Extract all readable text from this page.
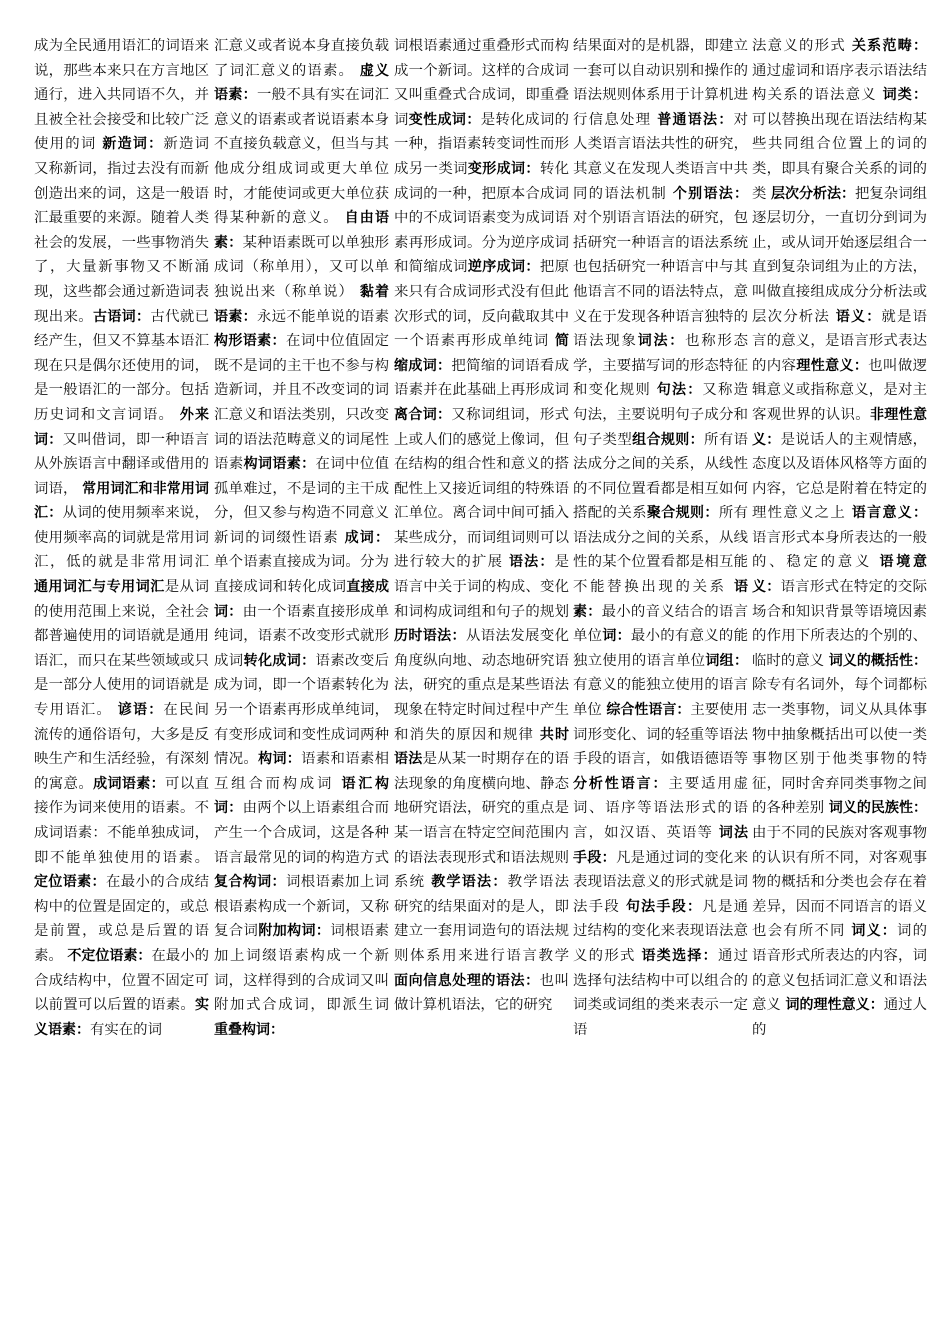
成为全民通用语汇的词语来说，那些本来只在方言地区通行，进入共同语不久，并且被全社会接受和比较广泛使用的词 新造词：新造词又称新词，指过去没有而新创造出来的词，这是一般语汇最重要的来源。随着人类社会的发展，一些事物消失了，大量新事物又不断涌现，这些都会通过新造词表现出来。古语词：古代就已经产生，但又不算基本语汇现在只是偶尔还使用的词，是一般语汇的一部分。包括历史词和文言词语。 外来词：又叫借词，即一种语言从外族语言中翻译或借用的词语， 常用词汇和非常用词汇：从词的使用频率来说，使用频率高的词就是常用词汇，低的就是非常用词汇 通用词汇与专用词汇是从词的使用范围上来说，全社会都普遍使用的词语就是通用语汇，而只在某些领域或只是一部分人使用的词语就是专用语汇。 谚语：在民间流传的通俗语句，大多是反映生产和生活经验，有深刻的寓意。成词语素：可以直接作为词来使用的语素。不成词语素：不能单独成词，即不能单独使用的语素。 定位语素：在最小的合成结构中的位置是固定的，或总是前置，或总是后置的语素。 不定位语素：在最小的合成结构中，位置不固定可以前置可以后置的语素。实义语素：有实在的词
汇意义或者说本身直接负载了词汇意义的语素。 虚义语素：一般不具有实在词汇意义的语素或者说语素本身不直接负载意义，但当与其他成分组成词或更大单位时，才能使词或更大单位获得某种新的意义。 自由语素：某种语素既可以单独形成词（称单用），又可以单独说出来（称单说） 黏着语素：永远不能单说的语素 构形语素：在词中位值固定既不是词的主干也不参与构造新词，并且不改变词的词汇意义和语法类别，只改变词的语法范畴意义的词尾性语素构词语素：在词中位值孤单难过，不是词的主干成分，但又参与构造不同意义新词的词缀性语素 成词：单个语素直接成为词。分为直接成词和转化成词直接成词：由一个语素直接形成单纯词，语素不改变形式就形成词转化成词：语素改变后成为词，即一个语素转化为另一个语素再形成单纯词，有变形成词和变性成词两种情况。构词：语素和语素相互组合而构成词 语汇构词：由两个以上语素组合而产生一个合成词，这是各种语言最常见的词的构造方式复合构词：词根语素加上词根语素构成一个新词，又称复合词附加构词：词根语素加上词缀语素构成一个新词，这样得到的合成词又叫附加式合成词，即派生词 重叠构词：
词根语素通过重叠形式而构成一个新词。这样的合成词又叫重叠式合成词，即重叠词变性成词：是转化成词的一种，指语素转变词性而形成另一类词变形成词：转化成词的一种，把原本合成词中的不成词语素变为成词语素再形成词。分为逆序成词和简缩成词逆序成词：把原来只有合成词形式没有但此次形式的词，反向截取其中一个语素再形成单纯词 简缩成词：把简缩的词语看成语素并在此基础上再形成词 离合词：又称词组词，形式上或人们的感觉上像词，但在结构的组合性和意义的搭配性上又接近词组的特殊语汇单位。离合词中间可插入某些成分，而词组词则可以进行较大的扩展 语法：是语言中关于词的构成、变化和词构成词组和句子的规划 历时语法：从语法发展变化角度纵向地、动态地研究语法，研究的重点是某些语法现象在特定时间过程中产生和消失的原因和规律 共时语法是从某一时期存在的语法现象的角度横向地、静态地研究语法，研究的重点是某一语言在特定空间范围内的语法表现形式和语法规则系统 教学语法：教学语法研究的结果面对的是人，即建立一套用词造句的语法规则体系用来进行语言教学 面向信息处理的语法：也叫做计算机语法，它的研究
结果面对的是机器，即建立一套可以自动识别和操作的语法规则体系用于计算机进行信息处理 普通语法：对人类语言语法共性的研究，其意义在发现人类语言中共同的语法机制 个别语法：对个别语言语法的研究，包括研究一种语言的语法系统也包括研究一种语言中与其他语言不同的语法特点，意义在于发现各种语言独特的语法现象词法：也称形态学，主要描写词的形态特征和变化规则 句法：又称造句法，主要说明句子成分和句子类型组合规则：所有语法成分之间的关系，从线性的不同位置看都是相互如何搭配的关系聚合规则：所有语法成分之间的关系，从线性的某个位置看都是相互能不能替换出现的关系 语素：最小的音义结合的语言单位词：最小的有意义的能独立使用的语言单位词组：有意义的能独立使用的语言单位 综合性语言：主要使用词形变化、词的轻重等语法手段的语言，如俄语德语等 分析性语言：主要适用虚词、语序等语法形式的语言，如汉语、英语等 词法手段：凡是通过词的变化来表现语法意义的形式就是词法手段 句法手段：凡是通过结构的变化来表现语法意义的形式 语类选择：通过选择句法结构中可以组合的词类或词组的类来表示一定语
法意义的形式 关系范畴：通过虚词和语序表示语法结构关系的语法意义 词类：可以替换出现在语法结构某些共同组合位置上的词的类，即具有聚合关系的词的类 层次分析法：把复杂词组逐层切分，一直切分到词为止，或从词开始逐层组合一直到复杂词组为止的方法，叫做直接组成成分分析法或层次分析法 语义：就是语言的意义，是语言形式表达的内容理性意义：也叫做逻辑意义或指称意义，是对主客观世界的认识。非理性意义：是说话人的主观情感，态度以及语体风格等方面的内容，它总是附着在特定的理性意义之上 语言意义：语言形式本身所表达的一般的、稳定的意义 语境意义：语言形式在特定的交际场合和知识背景等语境因素的作用下所表达的个别的、临时的意义 词义的概括性：除专有名词外，每个词都标志一类事物，词义从具体事物中抽象概括出可以使一类事物区别于他类事物的特征，同时舍弃同类事物之间的各种差别 词义的民族性：由于不同的民族对客观事物的认识有所不同，对客观事物的概括和分类也会存在着差异，因而不同语言的语义也会有所不同 词义：词的语音形式所表达的内容，词的意义包括词汇意义和语法意义 词的理性意义：通过人的
